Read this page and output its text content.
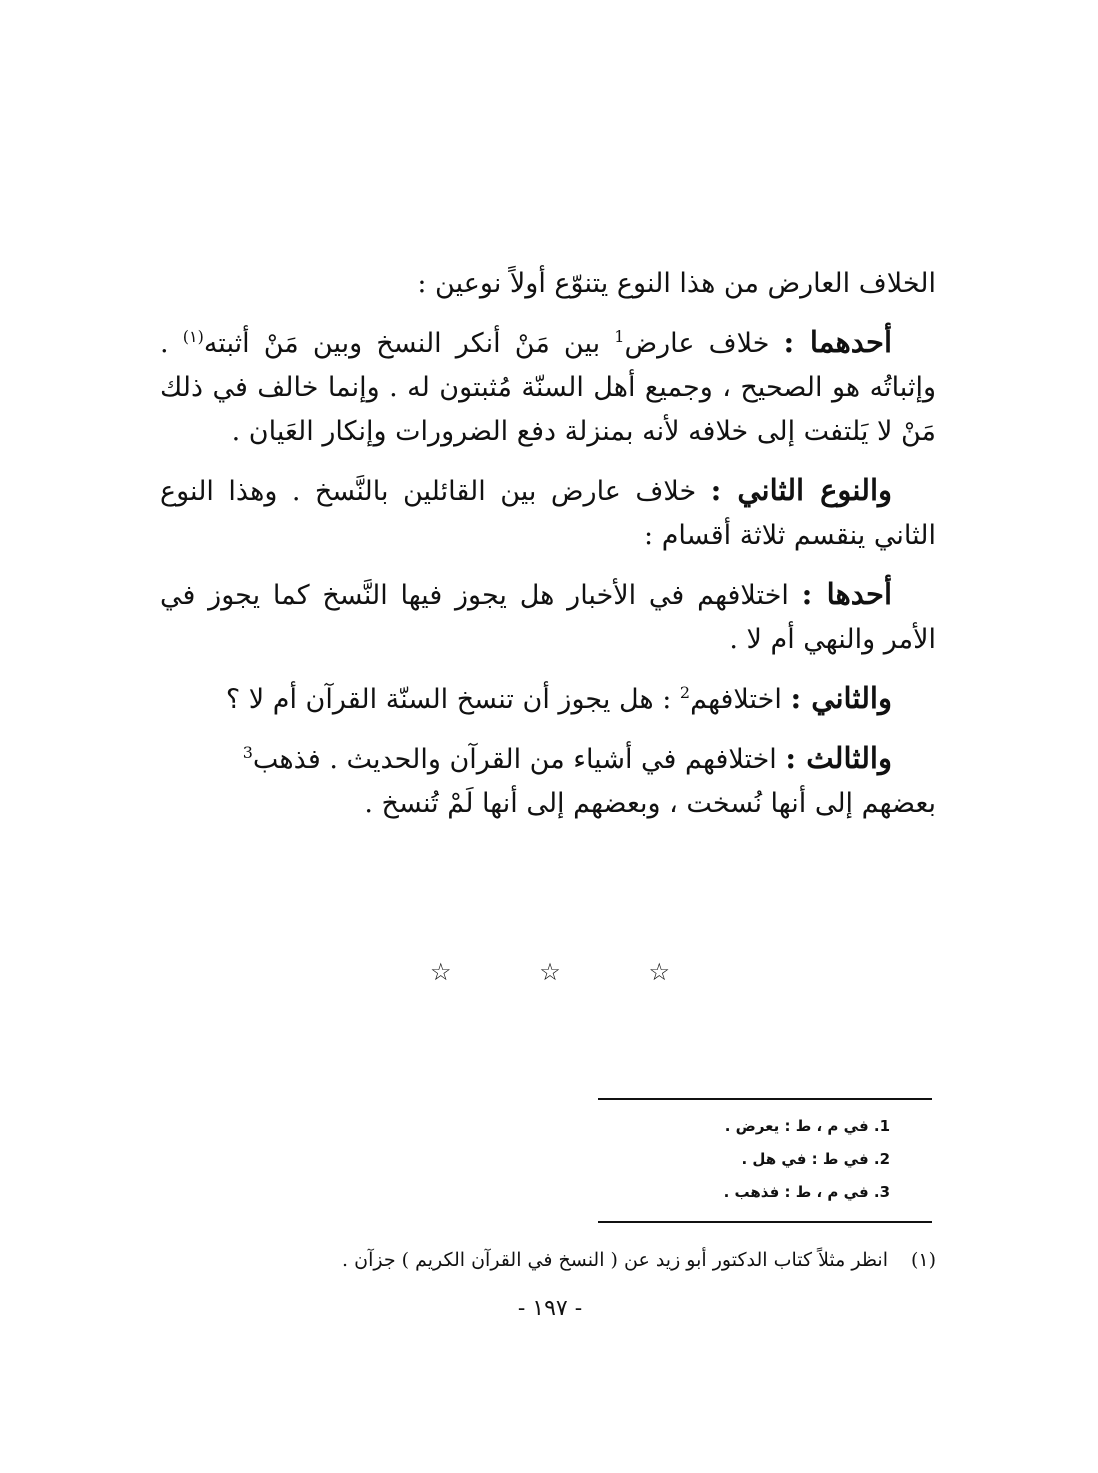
الخلاف العارض من هذا النوع يتنوّع أولاً نوعين :

أحدهما : خلاف عارض$^1$ بين مَنْ أنكر النسخ وبين مَنْ أثبته$^{(١)}$ . وإثباتُه هو الصحيح ، وجميع أهل السنّة مُثبتون له . وإنما خالف في ذلك مَنْ لا يَلتفت إلى خلافه لأنه بمنزلة دفع الضرورات وإنكار العَيان .

والنوع الثاني : خلاف عارض بين القائلين بالنَّسخ . وهذا النوع الثاني ينقسم ثلاثة أقسام :

أحدها : اختلافهم في الأخبار هل يجوز فيها النَّسخ كما يجوز في الأمر والنهي أم لا .

والثاني : اختلافهم$^2$ : هل يجوز أن تنسخ السنّة القرآن أم لا ؟

والثالث : اختلافهم في أشياء من القرآن والحديث . فذهب$^3$ بعضهم إلى أنها نُسخت ، وبعضهم إلى أنها لَمْ تُنسخ .

☆	☆	☆
1. في م ، ط : يعرض .
2. في ط : في هل .
3. في م ، ط : فذهب .
(١)انظر مثلاً كتاب الدكتور أبو زيد عن ( النسخ في القرآن الكريم ) جزآن .
- ١٩٧ -
